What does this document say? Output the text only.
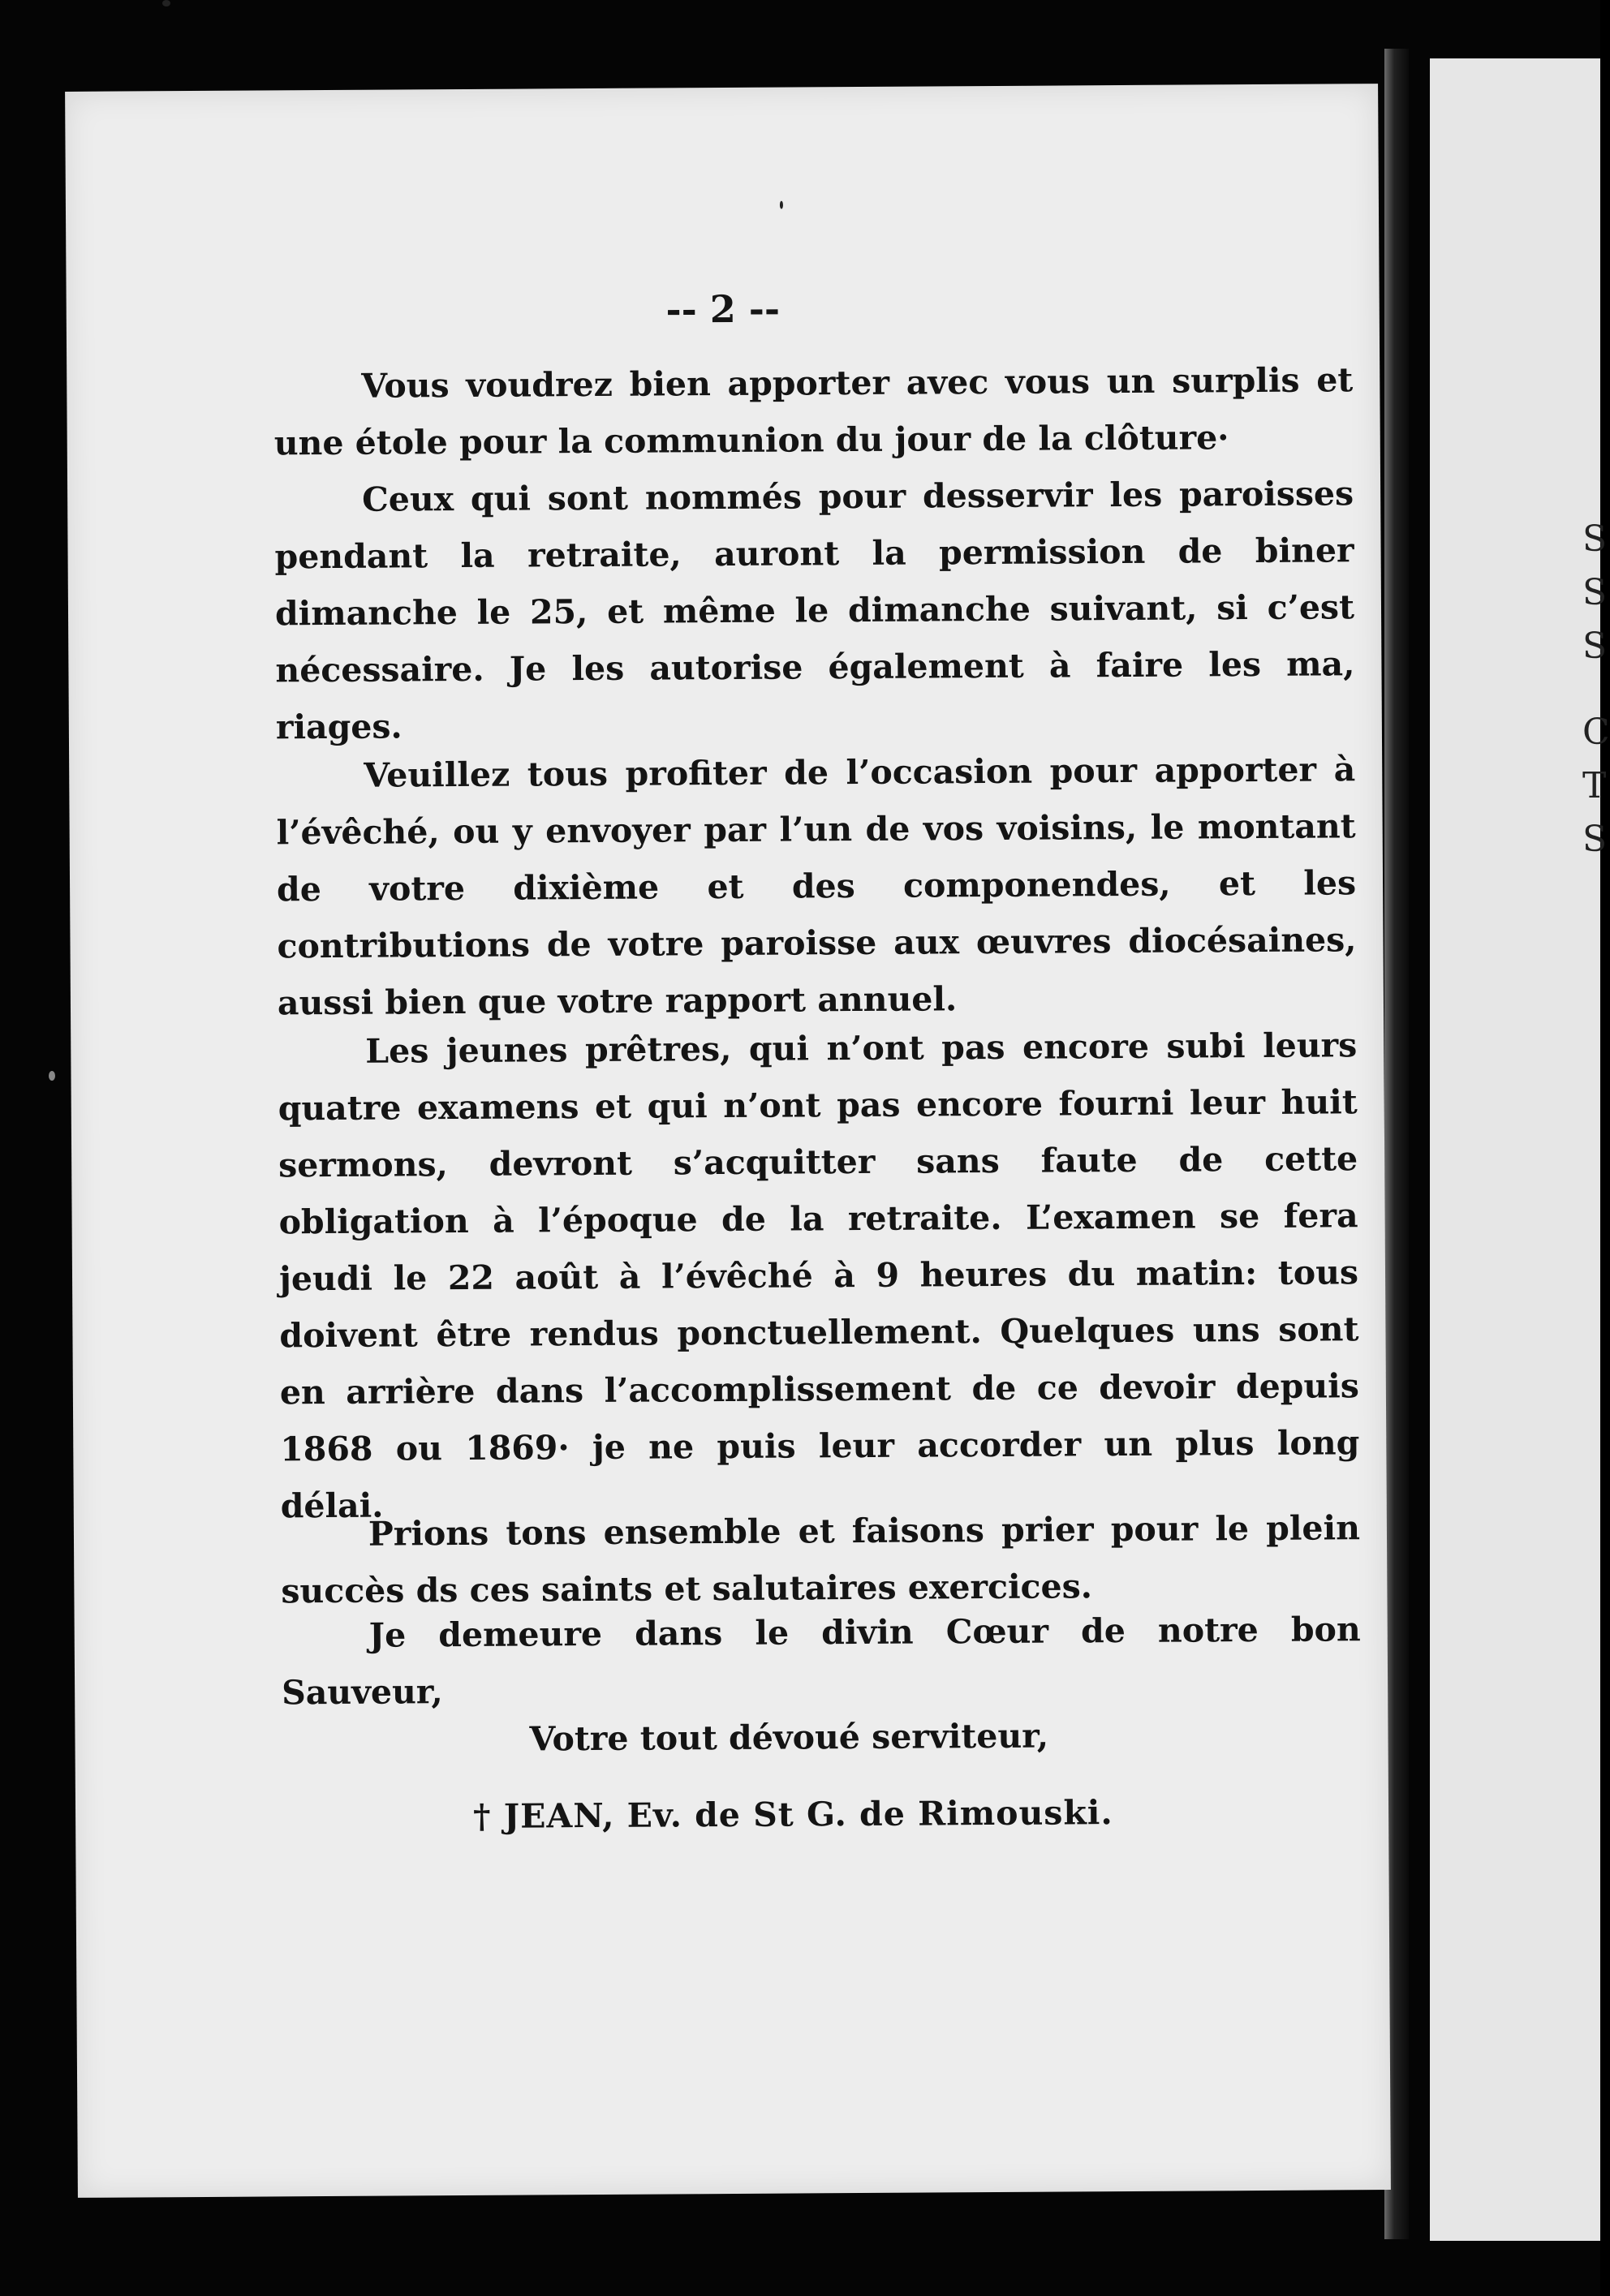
S
S
S
C
T
S
-- 2 --

Vous voudrez bien apporter avec vous un surplis et une étole pour la communion du jour de la clôture·

Ceux qui sont nommés pour desservir les paroisses pendant la retraite, auront la permission de biner dimanche le 25, et même le dimanche suivant, si c’est nécessaire. Je les autorise également à faire les ma, riages.

Veuillez tous profiter de l’occasion pour apporter à l’évêché, ou y envoyer par l’un de vos voisins, le montant de votre dixième et des componendes, et les contributions de votre paroisse aux œuvres diocésaines, aussi bien que votre rapport annuel.

Les jeunes prêtres, qui n’ont pas encore subi leurs quatre examens et qui n’ont pas encore fourni leur huit sermons, devront s’acquitter sans faute de cette obligation à l’époque de la retraite. L’examen se fera jeudi le 22 août à l’évêché à 9 heures du matin: tous doivent être rendus ponctuellement. Quelques uns sont en arrière dans l’accomplissement de ce devoir depuis 1868 ou 1869· je ne puis leur accorder un plus long délai.

Prions tons ensemble et faisons prier pour le plein succès ds ces saints et salutaires exercices.

Je demeure dans le divin Cœur de notre bon Sauveur,

Votre tout dévoué serviteur,
† JEAN, Ev. de St G. de Rimouski.
